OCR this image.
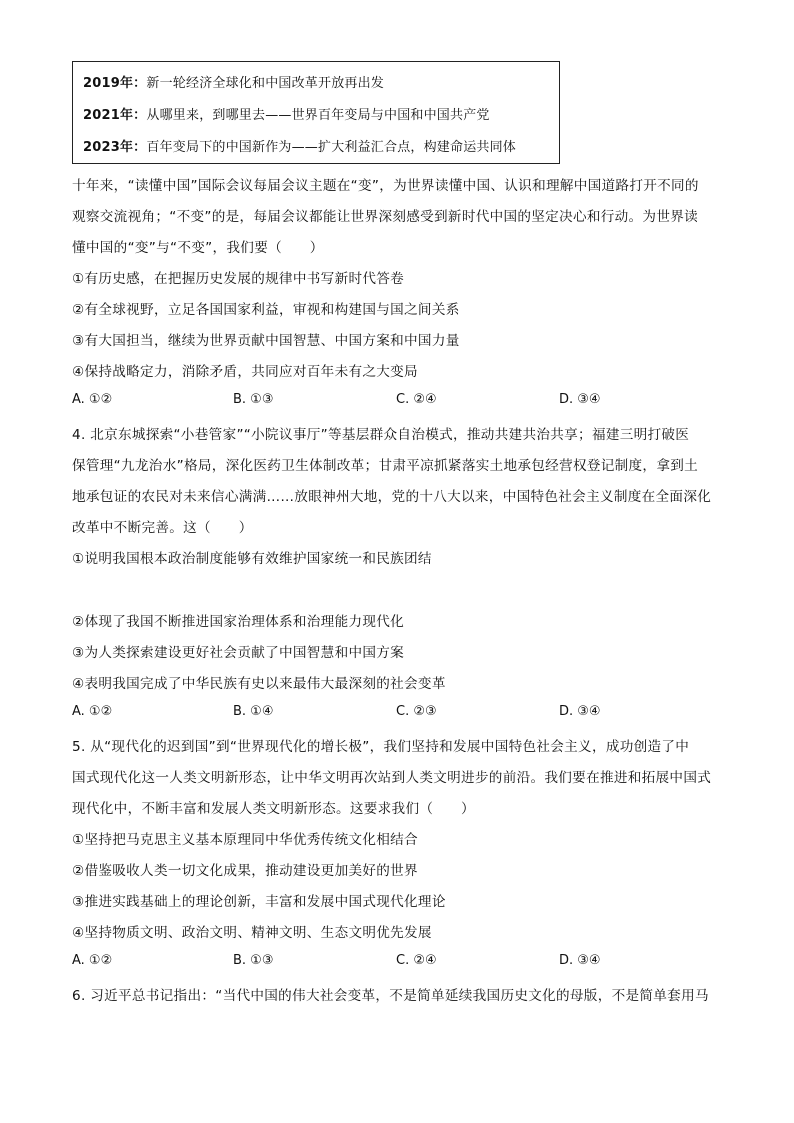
2019年：新一轮经济全球化和中国改革开放再出发
2021年：从哪里来，到哪里去——世界百年变局与中国和中国共产党
2023年：百年变局下的中国新作为——扩大利益汇合点，构建命运共同体
十年来，“读懂中国”国际会议每届会议主题在“变”，为世界读懂中国、认识和理解中国道路打开不同的
观察交流视角；“不变”的是，每届会议都能让世界深刻感受到新时代中国的坚定决心和行动。为世界读
懂中国的“变”与“不变”，我们要（　　）
①有历史感，在把握历史发展的规律中书写新时代答卷
②有全球视野，立足各国国家利益，审视和构建国与国之间关系
③有大国担当，继续为世界贡献中国智慧、中国方案和中国力量
④保持战略定力，消除矛盾，共同应对百年未有之大变局
A. ①②	B. ①③	C. ②④	D. ③④
4. 北京东城探索“小巷管家”“小院议事厅”等基层群众自治模式，推动共建共治共享；福建三明打破医
保管理“九龙治水”格局，深化医药卫生体制改革；甘肃平凉抓紧落实土地承包经营权登记制度，拿到土
地承包证的农民对未来信心满满……放眼神州大地，党的十八大以来，中国特色社会主义制度在全面深化
改革中不断完善。这（　　）
①说明我国根本政治制度能够有效维护国家统一和民族团结
②体现了我国不断推进国家治理体系和治理能力现代化
③为人类探索建设更好社会贡献了中国智慧和中国方案
④表明我国完成了中华民族有史以来最伟大最深刻的社会变革
A. ①②	B. ①④	C. ②③	D. ③④
5. 从“现代化的迟到国”到“世界现代化的增长极”，我们坚持和发展中国特色社会主义，成功创造了中
国式现代化这一人类文明新形态，让中华文明再次站到人类文明进步的前沿。我们要在推进和拓展中国式
现代化中，不断丰富和发展人类文明新形态。这要求我们（　　）
①坚持把马克思主义基本原理同中华优秀传统文化相结合
②借鉴吸收人类一切文化成果，推动建设更加美好的世界
③推进实践基础上的理论创新，丰富和发展中国式现代化理论
④坚持物质文明、政治文明、精神文明、生态文明优先发展
A. ①②	B. ①③	C. ②④	D. ③④
6. 习近平总书记指出：“当代中国的伟大社会变革，不是简单延续我国历史文化的母版，不是简单套用马
